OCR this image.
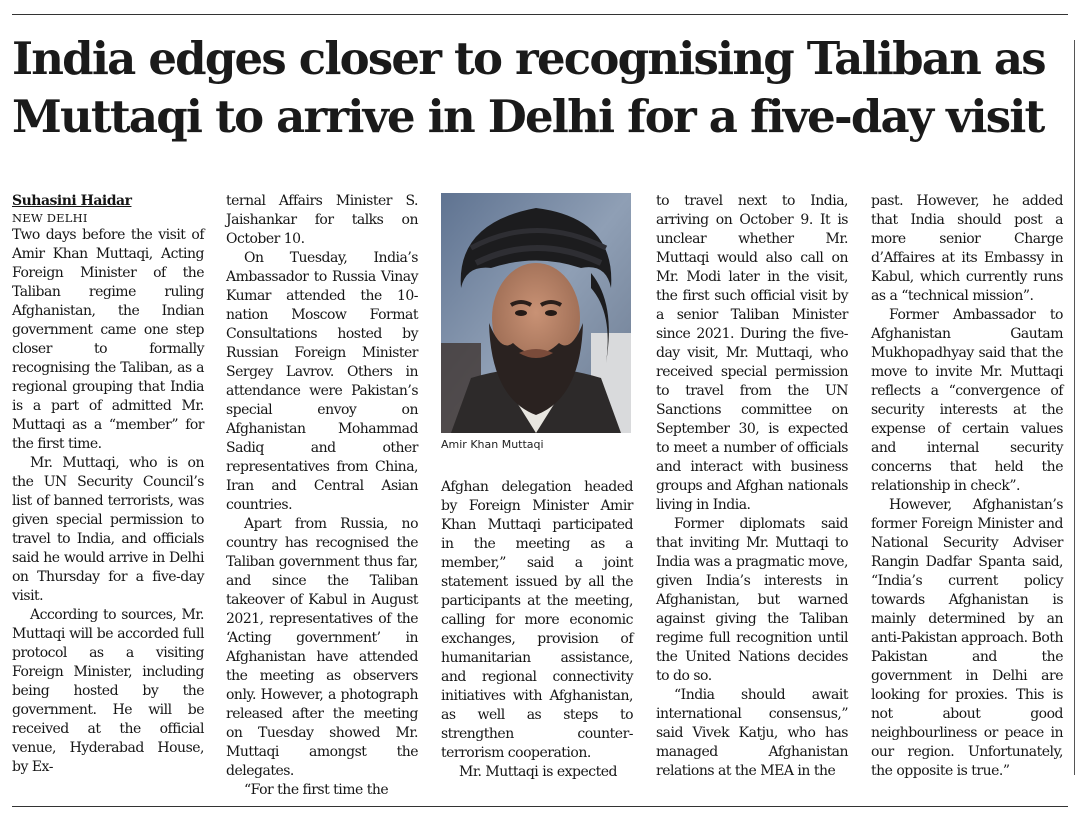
India edges closer to recognising Taliban as
Muttaqi to arrive in Delhi for a five-day visit

Suhasini Haidar

NEW DELHI

Two days before the visit of Amir Khan Muttaqi, Acting Foreign Minister of the Taliban regime ruling Afghanistan, the Indian government came one step closer to formally recognising the Taliban, as a regional grouping that India is a part of admitted Mr. Muttaqi as a “member” for the first time.

Mr. Muttaqi, who is on the UN Security Council’s list of banned terrorists, was given special permission to travel to India, and officials said he would arrive in Delhi on Thursday for a five-day visit.

According to sources, Mr. Muttaqi will be accorded full protocol as a visiting Foreign Minister, including being hosted by the government. He will be received at the official venue, Hyderabad House, by Ex-

ternal Affairs Minister S. Jaishankar for talks on October 10.

On Tuesday, India’s Ambassador to Russia Vinay Kumar attended the 10-nation Moscow Format Consultations hosted by Russian Foreign Minister Sergey Lavrov. Others in attendance were Pakistan’s special envoy on Afghanistan Mohammad Sadiq and other representatives from China, Iran and Central Asian countries.

Apart from Russia, no country has recognised the Taliban government thus far, and since the Taliban takeover of Kabul in August 2021, representatives of the ‘Acting government’ in Afghanistan have attended the meeting as observers only. However, a photograph released after the meeting on Tuesday showed Mr. Muttaqi amongst the delegates.

“For the first time the

Amir Khan Muttaqi

Afghan delegation headed by Foreign Minister Amir Khan Muttaqi participated in the meeting as a member,” said a joint statement issued by all the participants at the meeting, calling for more economic exchanges, provision of humanitarian assistance, and regional connectivity initiatives with Afghanistan, as well as steps to strengthen counter-terrorism cooperation.

Mr. Muttaqi is expected

to travel next to India, arriving on October 9. It is unclear whether Mr. Muttaqi would also call on Mr. Modi later in the visit, the first such official visit by a senior Taliban Minister since 2021. During the five-day visit, Mr. Muttaqi, who received special permission to travel from the UN Sanctions committee on September 30, is expected to meet a number of officials and interact with business groups and Afghan nationals living in India.

Former diplomats said that inviting Mr. Muttaqi to India was a pragmatic move, given India’s interests in Afghanistan, but warned against giving the Taliban regime full recognition until the United Nations decides to do so.

“India should await international consensus,” said Vivek Katju, who has managed Afghanistan relations at the MEA in the

past. However, he added that India should post a more senior Charge d’Affaires at its Embassy in Kabul, which currently runs as a “technical mission”.

Former Ambassador to Afghanistan Gautam Mukhopadhyay said that the move to invite Mr. Muttaqi reflects a “convergence of security interests at the expense of certain values and internal security concerns that held the relationship in check”.

However, Afghanistan’s former Foreign Minister and National Security Adviser Rangin Dadfar Spanta said, “India’s current policy towards Afghanistan is mainly determined by an anti-Pakistan approach. Both Pakistan and the government in Delhi are looking for proxies. This is not about good neighbourliness or peace in our region. Unfortunately, the opposite is true.”
